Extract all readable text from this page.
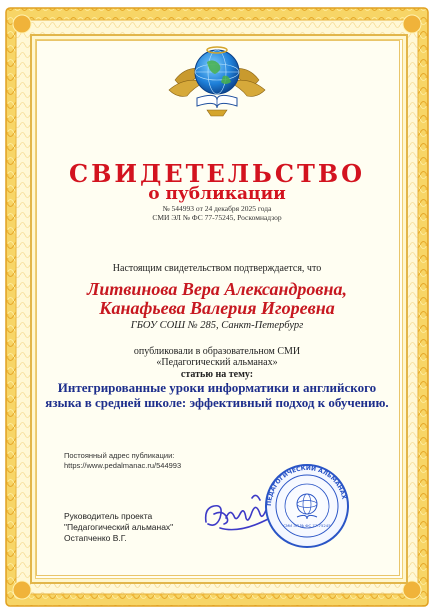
СВИДЕТЕЛЬСТВО
о публикации
№ 544993 от 24 декабря 2025 года
СМИ ЭЛ № ФС 77-75245, Роскомнадзор
Настоящим свидетельством подтверждается, что
Литвинова Вера Александровна,
Канафьева Валерия Игоревна
ГБОУ СОШ № 285, Санкт-Петербург
опубликовали в образовательном СМИ
«Педагогический альманах»
статью на тему:
Интегрированные уроки информатики и английского языка в средней школе: эффективный подход к обучению.
Постоянный адрес публикации:
https://www.pedalmanac.ru/544993
Руководитель проекта
"Педагогический альманах"
Остапченко В.Г.
ПЕДАГОГИЧЕСКИЙ АЛЬМАНАХ
СМИ ЭЛ № ФС 77-75245
